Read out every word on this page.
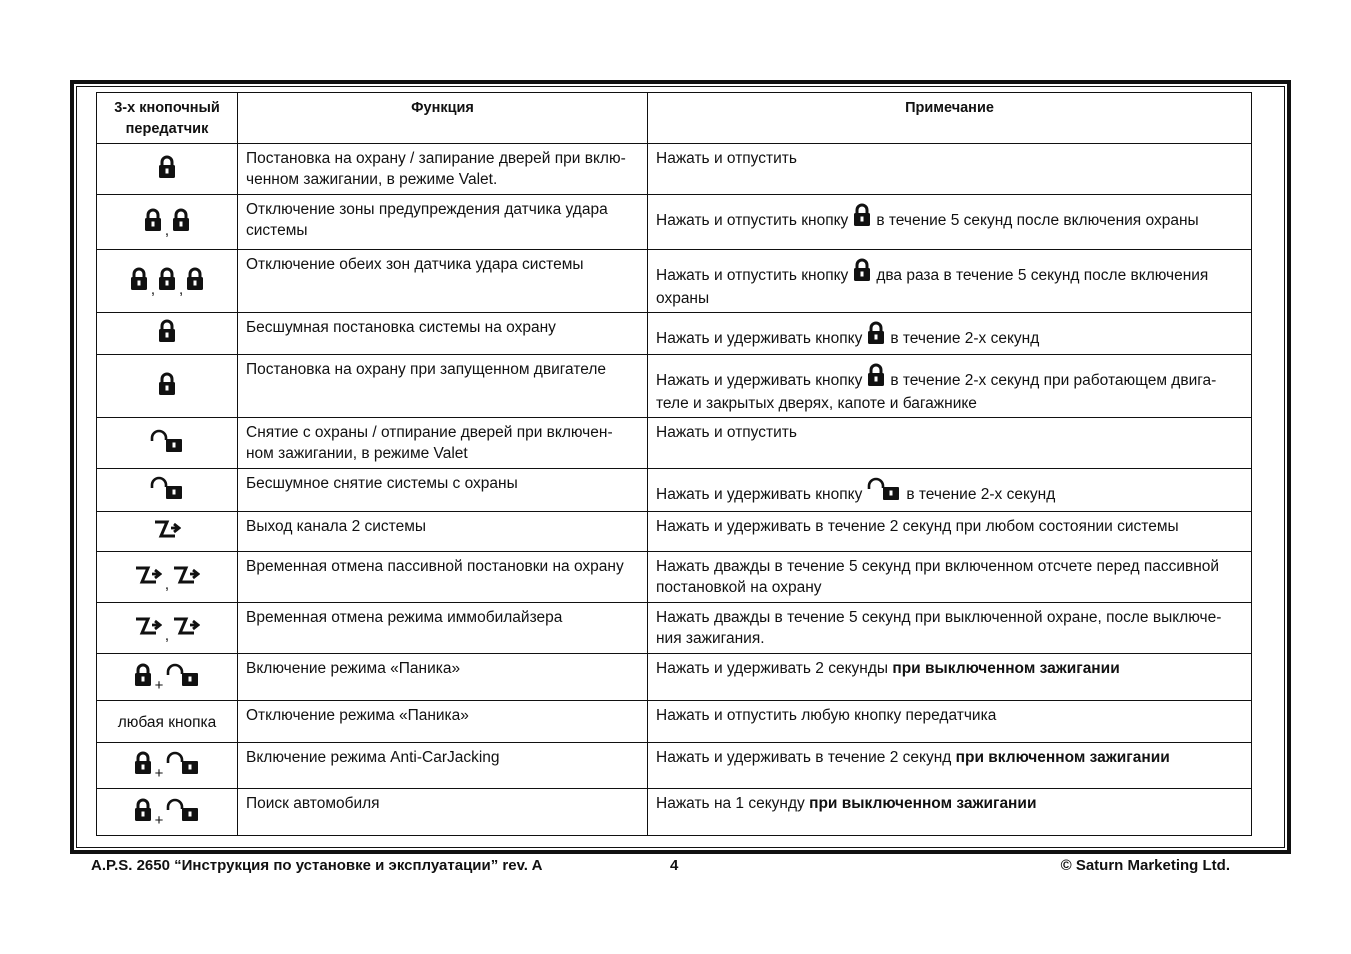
3-х кнопочный передатчик	Функция	Примечание
	Постановка на охрану / запирание дверей при вклю-ченном зажигании, в режиме Valet.	Нажать и отпустить
,	Отключение зоны предупреждения датчика удара системы	Нажать и отпустить кнопку в течение 5 секунд после включения охраны
, ,	Отключение обеих зон датчика удара системы	Нажать и отпустить кнопку два раза в течение 5 секунд после включения охраны
	Бесшумная постановка системы на охрану	Нажать и удерживать кнопку в течение 2-х секунд
	Постановка на охрану при запущенном двигателе	Нажать и удерживать кнопку в течение 2-х секунд при работающем двига-теле и закрытых дверях, капоте и багажнике
	Снятие с охраны / отпирание дверей при включен-ном зажигании, в режиме Valet	Нажать и отпустить
	Бесшумное снятие системы с охраны	Нажать и удерживать кнопку в течение 2-х секунд
	Выход канала 2 системы	Нажать и удерживать в течение 2 секунд при любом состоянии системы
,	Временная отмена пассивной постановки на охрану	Нажать дважды в течение 5 секунд при включенном отсчете перед пассивной постановкой на охрану
,	Временная отмена режима иммобилайзера	Нажать дважды в течение 5 секунд при выключенной охране, после выключе-ния зажигания.
+	Включение режима «Паника»	Нажать и удерживать 2 секунды при выключенном зажигании
любая кнопка	Отключение режима «Паника»	Нажать и отпустить любую кнопку передатчика
+	Включение режима Anti-CarJacking	Нажать и удерживать в течение 2 секунд при включенном зажигании
+	Поиск автомобиля	Нажать на 1 секунду при выключенном зажигании
A.P.S. 2650 “Инструкция по установке и эксплуатации” rev. A	4	© Saturn Marketing Ltd.
